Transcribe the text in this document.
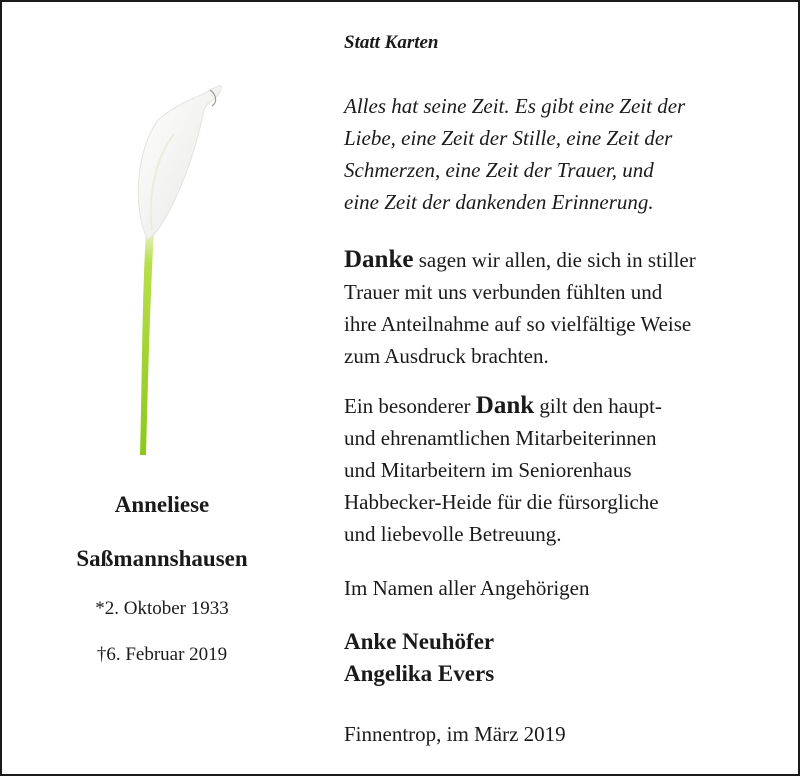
Anneliese
Saßmannshausen
*2. Oktober 1933
†6. Februar 2019
Statt Karten

Alles hat seine Zeit. Es gibt eine Zeit der
Liebe, eine Zeit der Stille, eine Zeit der
Schmerzen, eine Zeit der Trauer, und
eine Zeit der dankenden Erinnerung.

Danke sagen wir allen, die sich in stiller
Trauer mit uns verbunden fühlten und
ihre Anteilnahme auf so vielfältige Weise
zum Ausdruck brachten.

Ein besonderer Dank gilt den haupt-
und ehrenamtlichen Mitarbeiterinnen
und Mitarbeitern im Seniorenhaus
Habbecker-Heide für die fürsorgliche
und liebevolle Betreuung.

Im Namen aller Angehörigen
Anke Neuhöfer
Angelika Evers
Finnentrop, im März 2019
